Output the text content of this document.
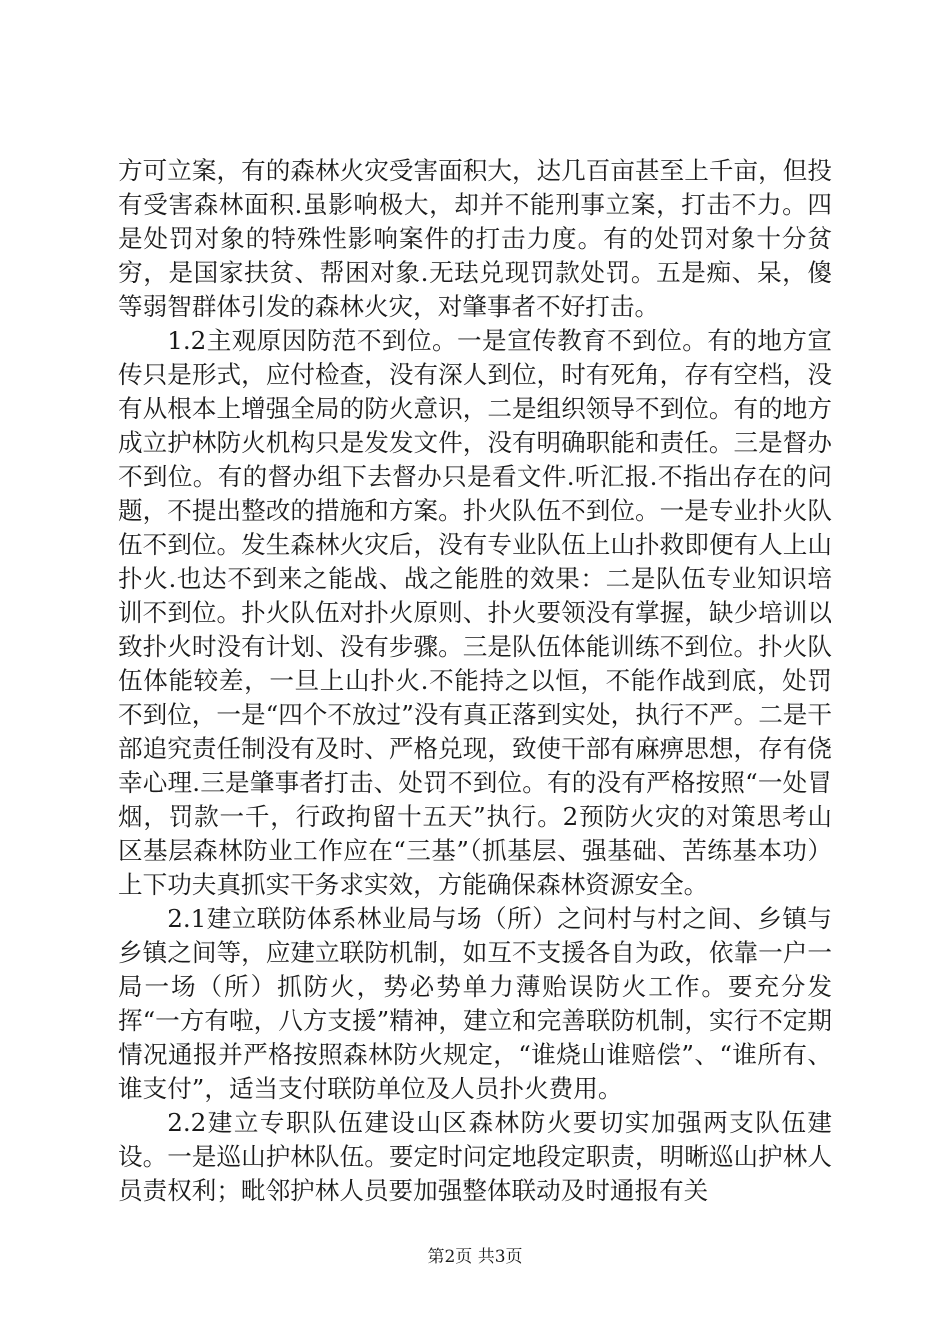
方可立案，有的森林火灾受害面积大，达几百亩甚至上千亩，但投有受害森林面积.虽影响极大，却并不能刑事立案，打击不力。四是处罚对象的特殊性影响案件的打击力度。有的处罚对象十分贫穷，是国家扶贫、帮困对象.无珐兑现罚款处罚。五是痴、呆，傻等弱智群体引发的森林火灾，对肇事者不好打击。

1.2主观原因防范不到位。一是宣传教育不到位。有的地方宣传只是形式，应付检查，没有深人到位，时有死角，存有空档，没有从根本上增强全局的防火意识，二是组织领导不到位。有的地方成立护林防火机构只是发发文件，没有明确职能和责任。三是督办不到位。有的督办组下去督办只是看文件.听汇报.不指出存在的问题，不提出整改的措施和方案。扑火队伍不到位。一是专业扑火队伍不到位。发生森林火灾后，没有专业队伍上山扑救即便有人上山扑火.也达不到来之能战、战之能胜的效果：二是队伍专业知识培训不到位。扑火队伍对扑火原则、扑火要领没有掌握，缺少培训以致扑火时没有计划、没有步骤。三是队伍体能训练不到位。扑火队伍体能较差，一旦上山扑火.不能持之以恒，不能作战到底，处罚不到位，一是“四个不放过”没有真正落到实处，执行不严。二是干部追究责任制没有及时、严格兑现，致使干部有麻痹思想，存有侥幸心理.三是肇事者打击、处罚不到位。有的没有严格按照“一处冒烟，罚款一千，行政拘留十五天”执行。2预防火灾的对策思考山区基层森林防业工作应在“三基”（抓基层、强基础、苦练基本功）上下功夫真抓实干务求实效，方能确保森林资源安全。

2.1建立联防体系林业局与场（所）之问村与村之间、乡镇与乡镇之间等，应建立联防机制，如互不支援各自为政，依靠一户一局一场（所）抓防火，势必势单力薄贻误防火工作。要充分发挥“一方有啦，八方支援”精神，建立和完善联防机制，实行不定期情况通报并严格按照森林防火规定，“谁烧山谁赔偿”、“谁所有、谁支付”，适当支付联防单位及人员扑火费用。

2.2建立专职队伍建设山区森林防火要切实加强两支队伍建设。一是巡山护林队伍。要定时问定地段定职责，明晰巡山护林人员责权利；毗邻护林人员要加强整体联动及时通报有关

第2页 共3页
